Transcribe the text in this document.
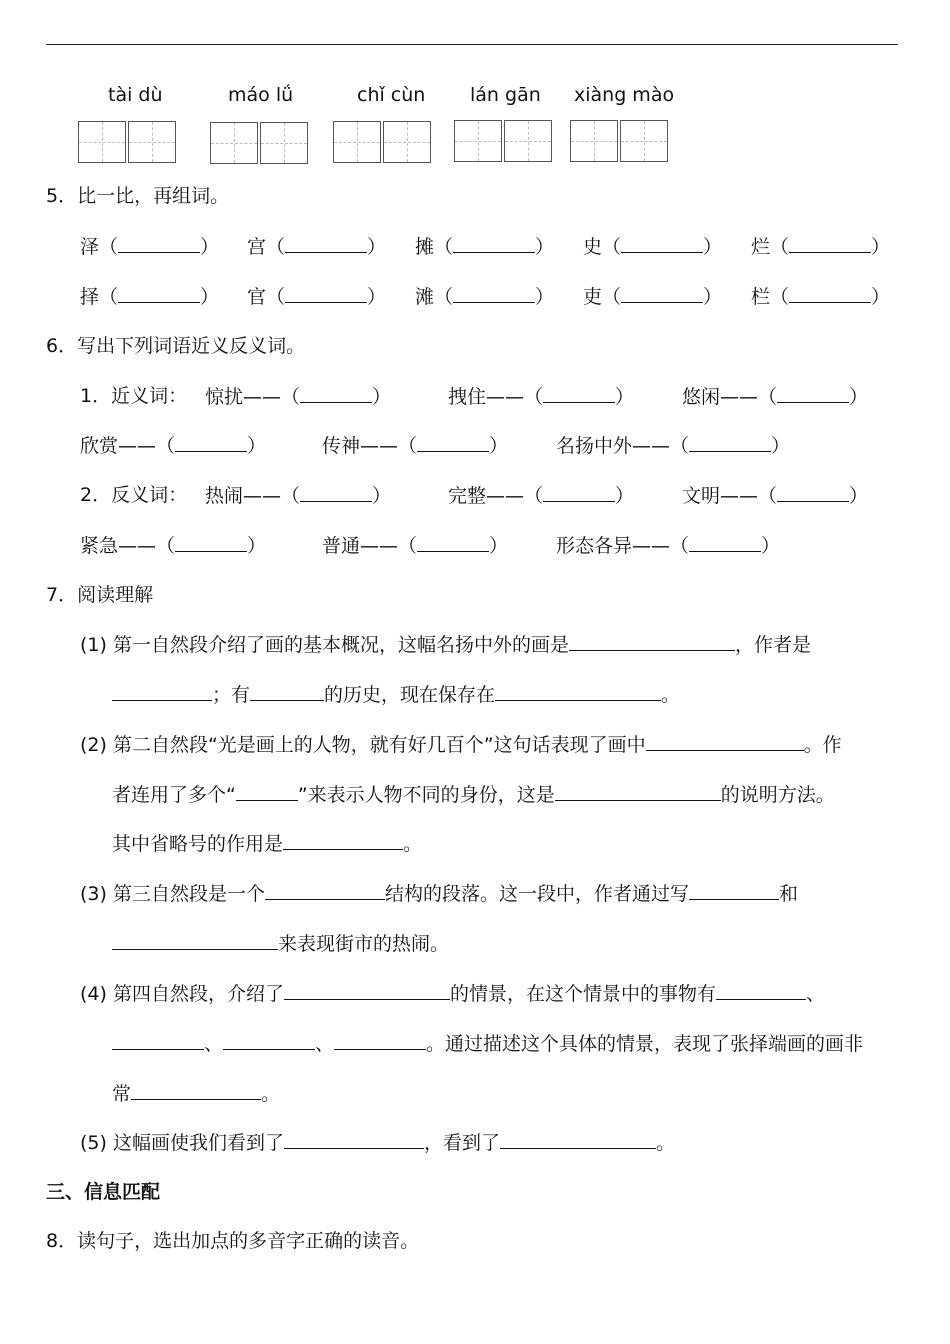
tài dù	máo lǘ	chǐ cùn lán gān xiàng mào
5．比一比，再组词。
泽（	） 宫（	） 摊（	） 史（	） 烂（	）
择（	） 官（	） 滩（	） 吏（	） 栏（	）
6．写出下列词语近义反义词。
1．近义词： 惊扰——（	）	拽住——（	）	悠闲——（	）
欣赏——（	）	传神——（	）	名扬中外——（	）
2．反义词： 热闹——（	）	完整——（	）	文明——（	）
紧急——（	）	普通——（	）	形态各异——（	）
7．阅读理解
(1) 第一自然段介绍了画的基本概况，这幅名扬中外的画是	，作者是
；有	的历史，现在保存在	。
(2) 第二自然段“光是画上的人物，就有好几百个”这句话表现了画中	。作
者连用了多个“	”来表示人物不同的身份，这是	的说明方法。
其中省略号的作用是	。
(3) 第三自然段是一个	结构的段落。这一段中，作者通过写	和
来表现街市的热闹。
(4) 第四自然段，介绍了	的情景，在这个情景中的事物有	、
、	、	。通过描述这个具体的情景，表现了张择端画的画非
常	。
(5) 这幅画使我们看到了	，看到了	。
三、信息匹配
8．读句子，选出加点的多音字正确的读音。
